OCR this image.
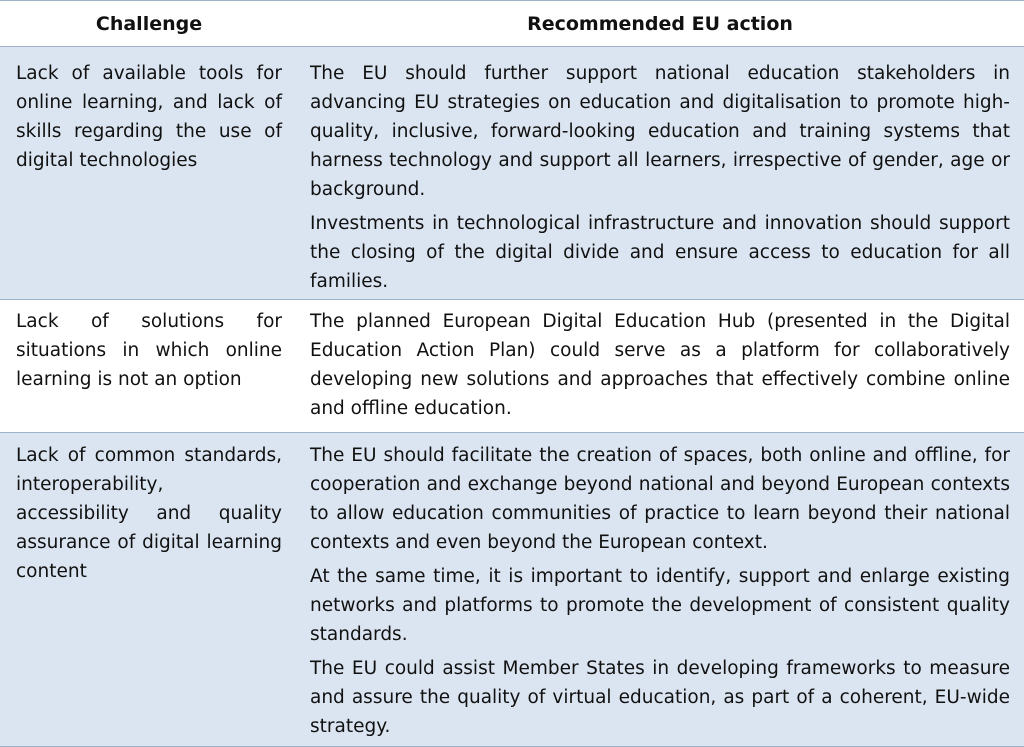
Challenge	Recommended EU action
Lack of available tools for online learning, and lack of skills regarding the use of digital technologies

The EU should further support national education stakeholders in advancing EU strategies on education and digitalisation to promote high-quality, inclusive, forward-looking education and training systems that harness technology and support all learners, irrespective of gender, age or background.

Investments in technological infrastructure and innovation should support the closing of the digital divide and ensure access to education for all families.

Lack of solutions for situations in which online learning is not an option

The planned European Digital Education Hub (presented in the Digital Education Action Plan) could serve as a platform for collaboratively developing new solutions and approaches that effectively combine online and offline education.

Lack of common standards, interoperability, accessibility and quality assurance of digital learning content

The EU should facilitate the creation of spaces, both online and offline, for cooperation and exchange beyond national and beyond European contexts to allow education communities of practice to learn beyond their national contexts and even beyond the European context.

At the same time, it is important to identify, support and enlarge existing networks and platforms to promote the development of consistent quality standards.

The EU could assist Member States in developing frameworks to measure and assure the quality of virtual education, as part of a coherent, EU-wide strategy.
